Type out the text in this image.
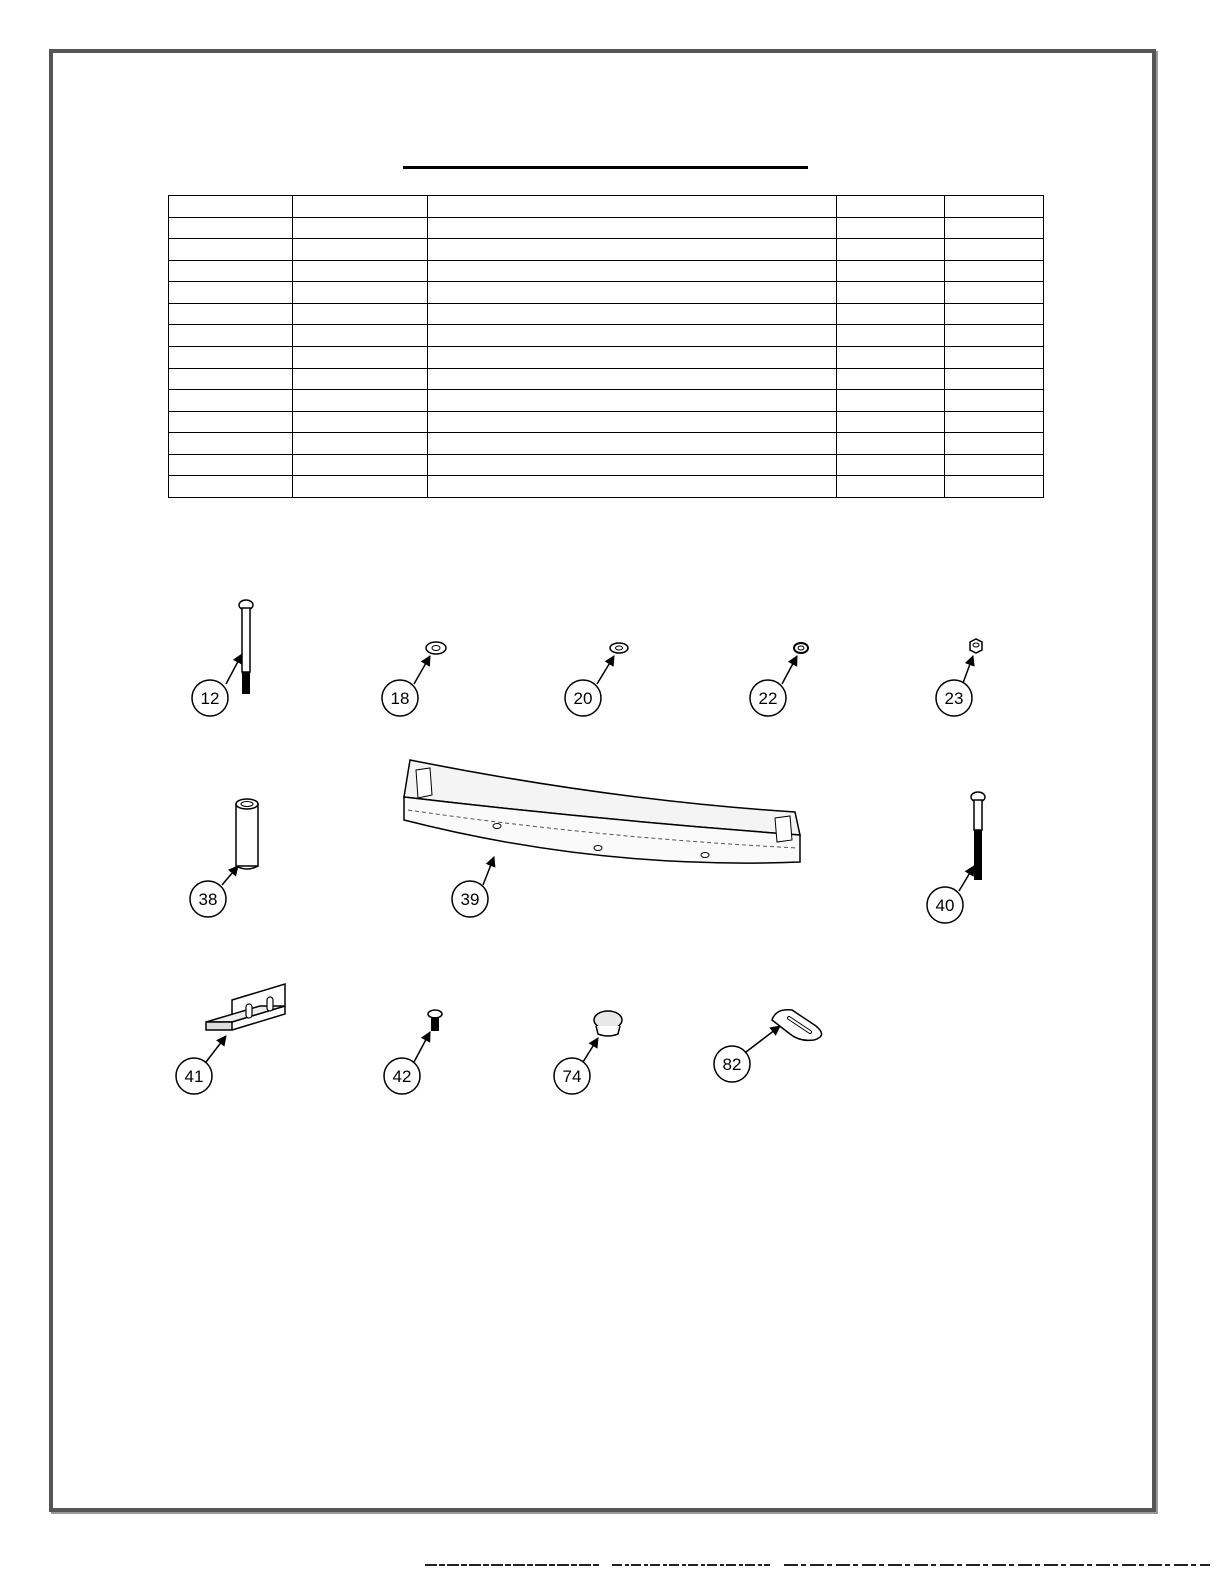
12	18	20	22	23
38	39	40
41	42	74
82
